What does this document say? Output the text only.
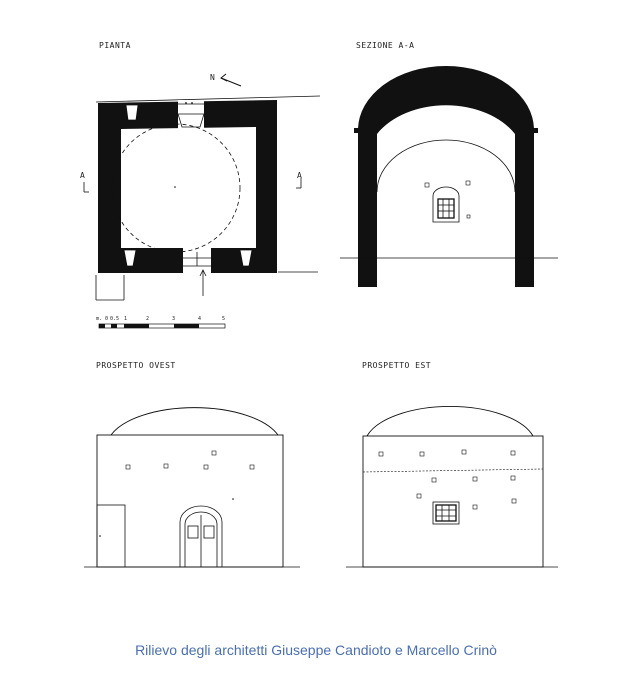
PIANTA
N
A	A
m. 0 0.5 1	2	3	4	5
SEZIONE A-A
PROSPETTO OVEST	PROSPETTO EST
Rilievo degli architetti Giuseppe Candioto e Marcello Crinò
